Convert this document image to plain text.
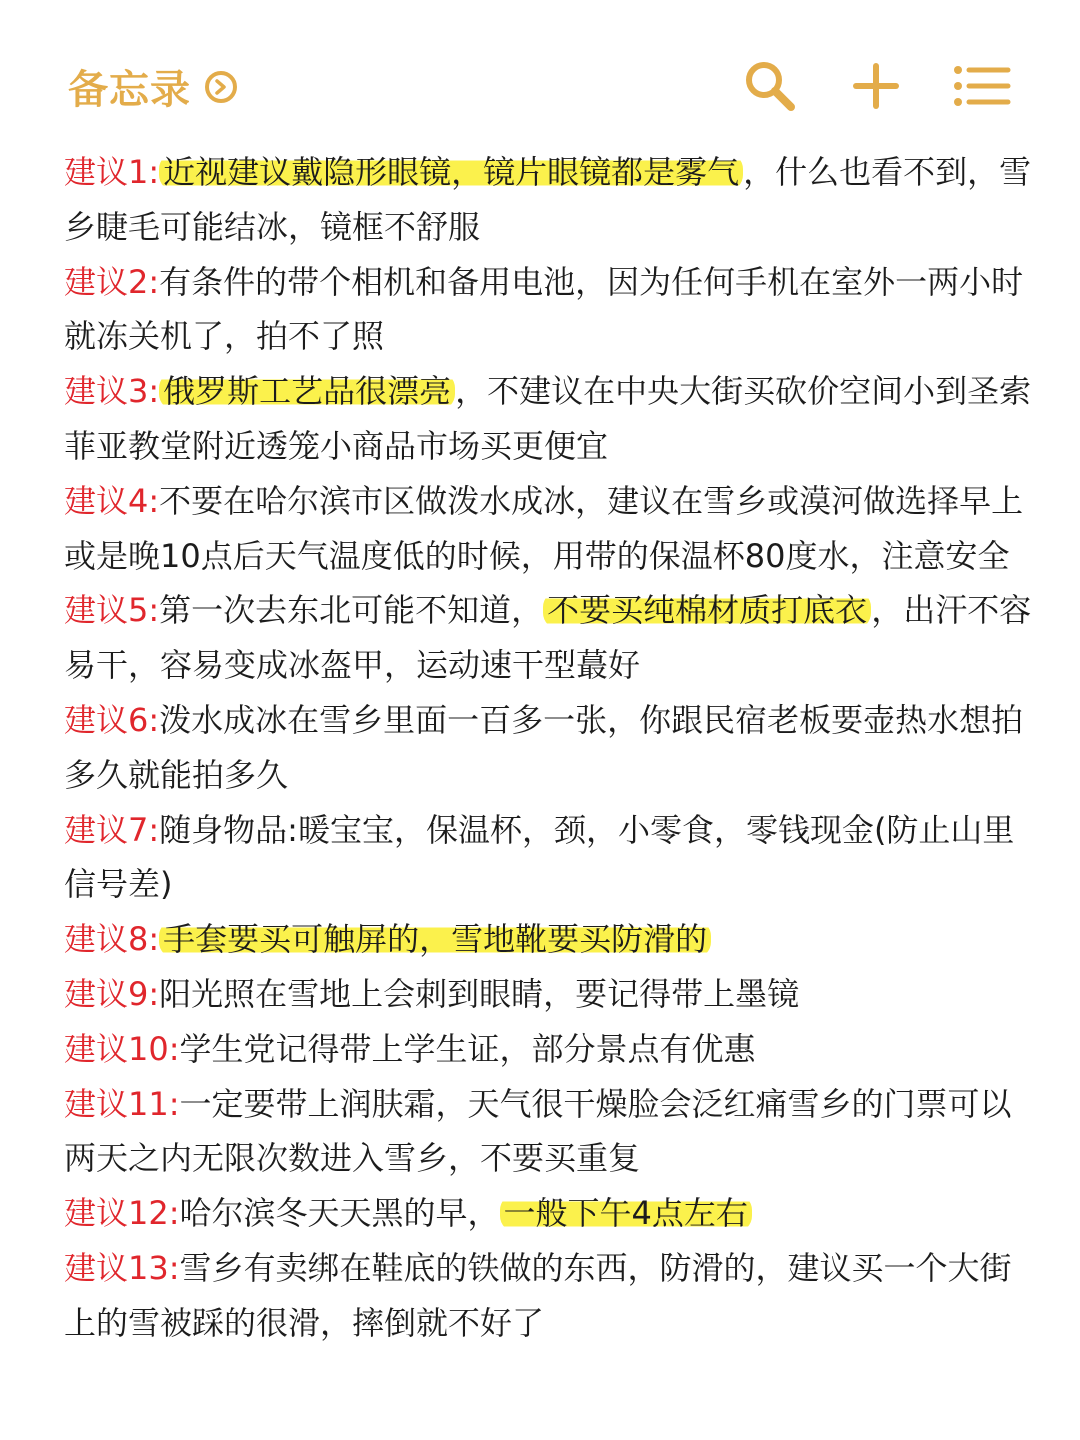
备忘录

建议1: 近视建议戴隐形眼镜，镜片眼镜都是雾气 ，什么也看不到，雪乡睫毛可能结冰，镜框不舒服

建议2:有条件的带个相机和备用电池，因为任何手机在室外一两小时就冻关机了，拍不了照

建议3: 俄罗斯工艺品很漂亮 ，不建议在中央大街买砍价空间小到圣索菲亚教堂附近透笼小商品市场买更便宜

建议4:不要在哈尔滨市区做泼水成冰，建议在雪乡或漠河做选择早上或是晚10点后天气温度低的时候，用带的保温杯80度水，注意安全

建议5:第一次去东北可能不知道， 不要买纯棉材质打底衣 ，出汗不容易干，容易变成冰盔甲，运动速干型蕞好

建议6:泼水成冰在雪乡里面一百多一张，你跟民宿老板要壶热水想拍多久就能拍多久

建议7:随身物品:暖宝宝，保温杯，颈，小零食，零钱现金(防止山里信号差)

建议8: 手套要买可触屏的，雪地靴要买防滑的

建议9:阳光照在雪地上会刺到眼睛，要记得带上墨镜

建议10:学生党记得带上学生证，部分景点有优惠

建议11:一定要带上润肤霜，天气很干燥脸会泛红痛雪乡的门票可以两天之内无限次数进入雪乡，不要买重复

建议12:哈尔滨冬天天黑的早， 一般下午4点左右

建议13:雪乡有卖绑在鞋底的铁做的东西，防滑的，建议买一个大街上的雪被踩的很滑，摔倒就不好了
